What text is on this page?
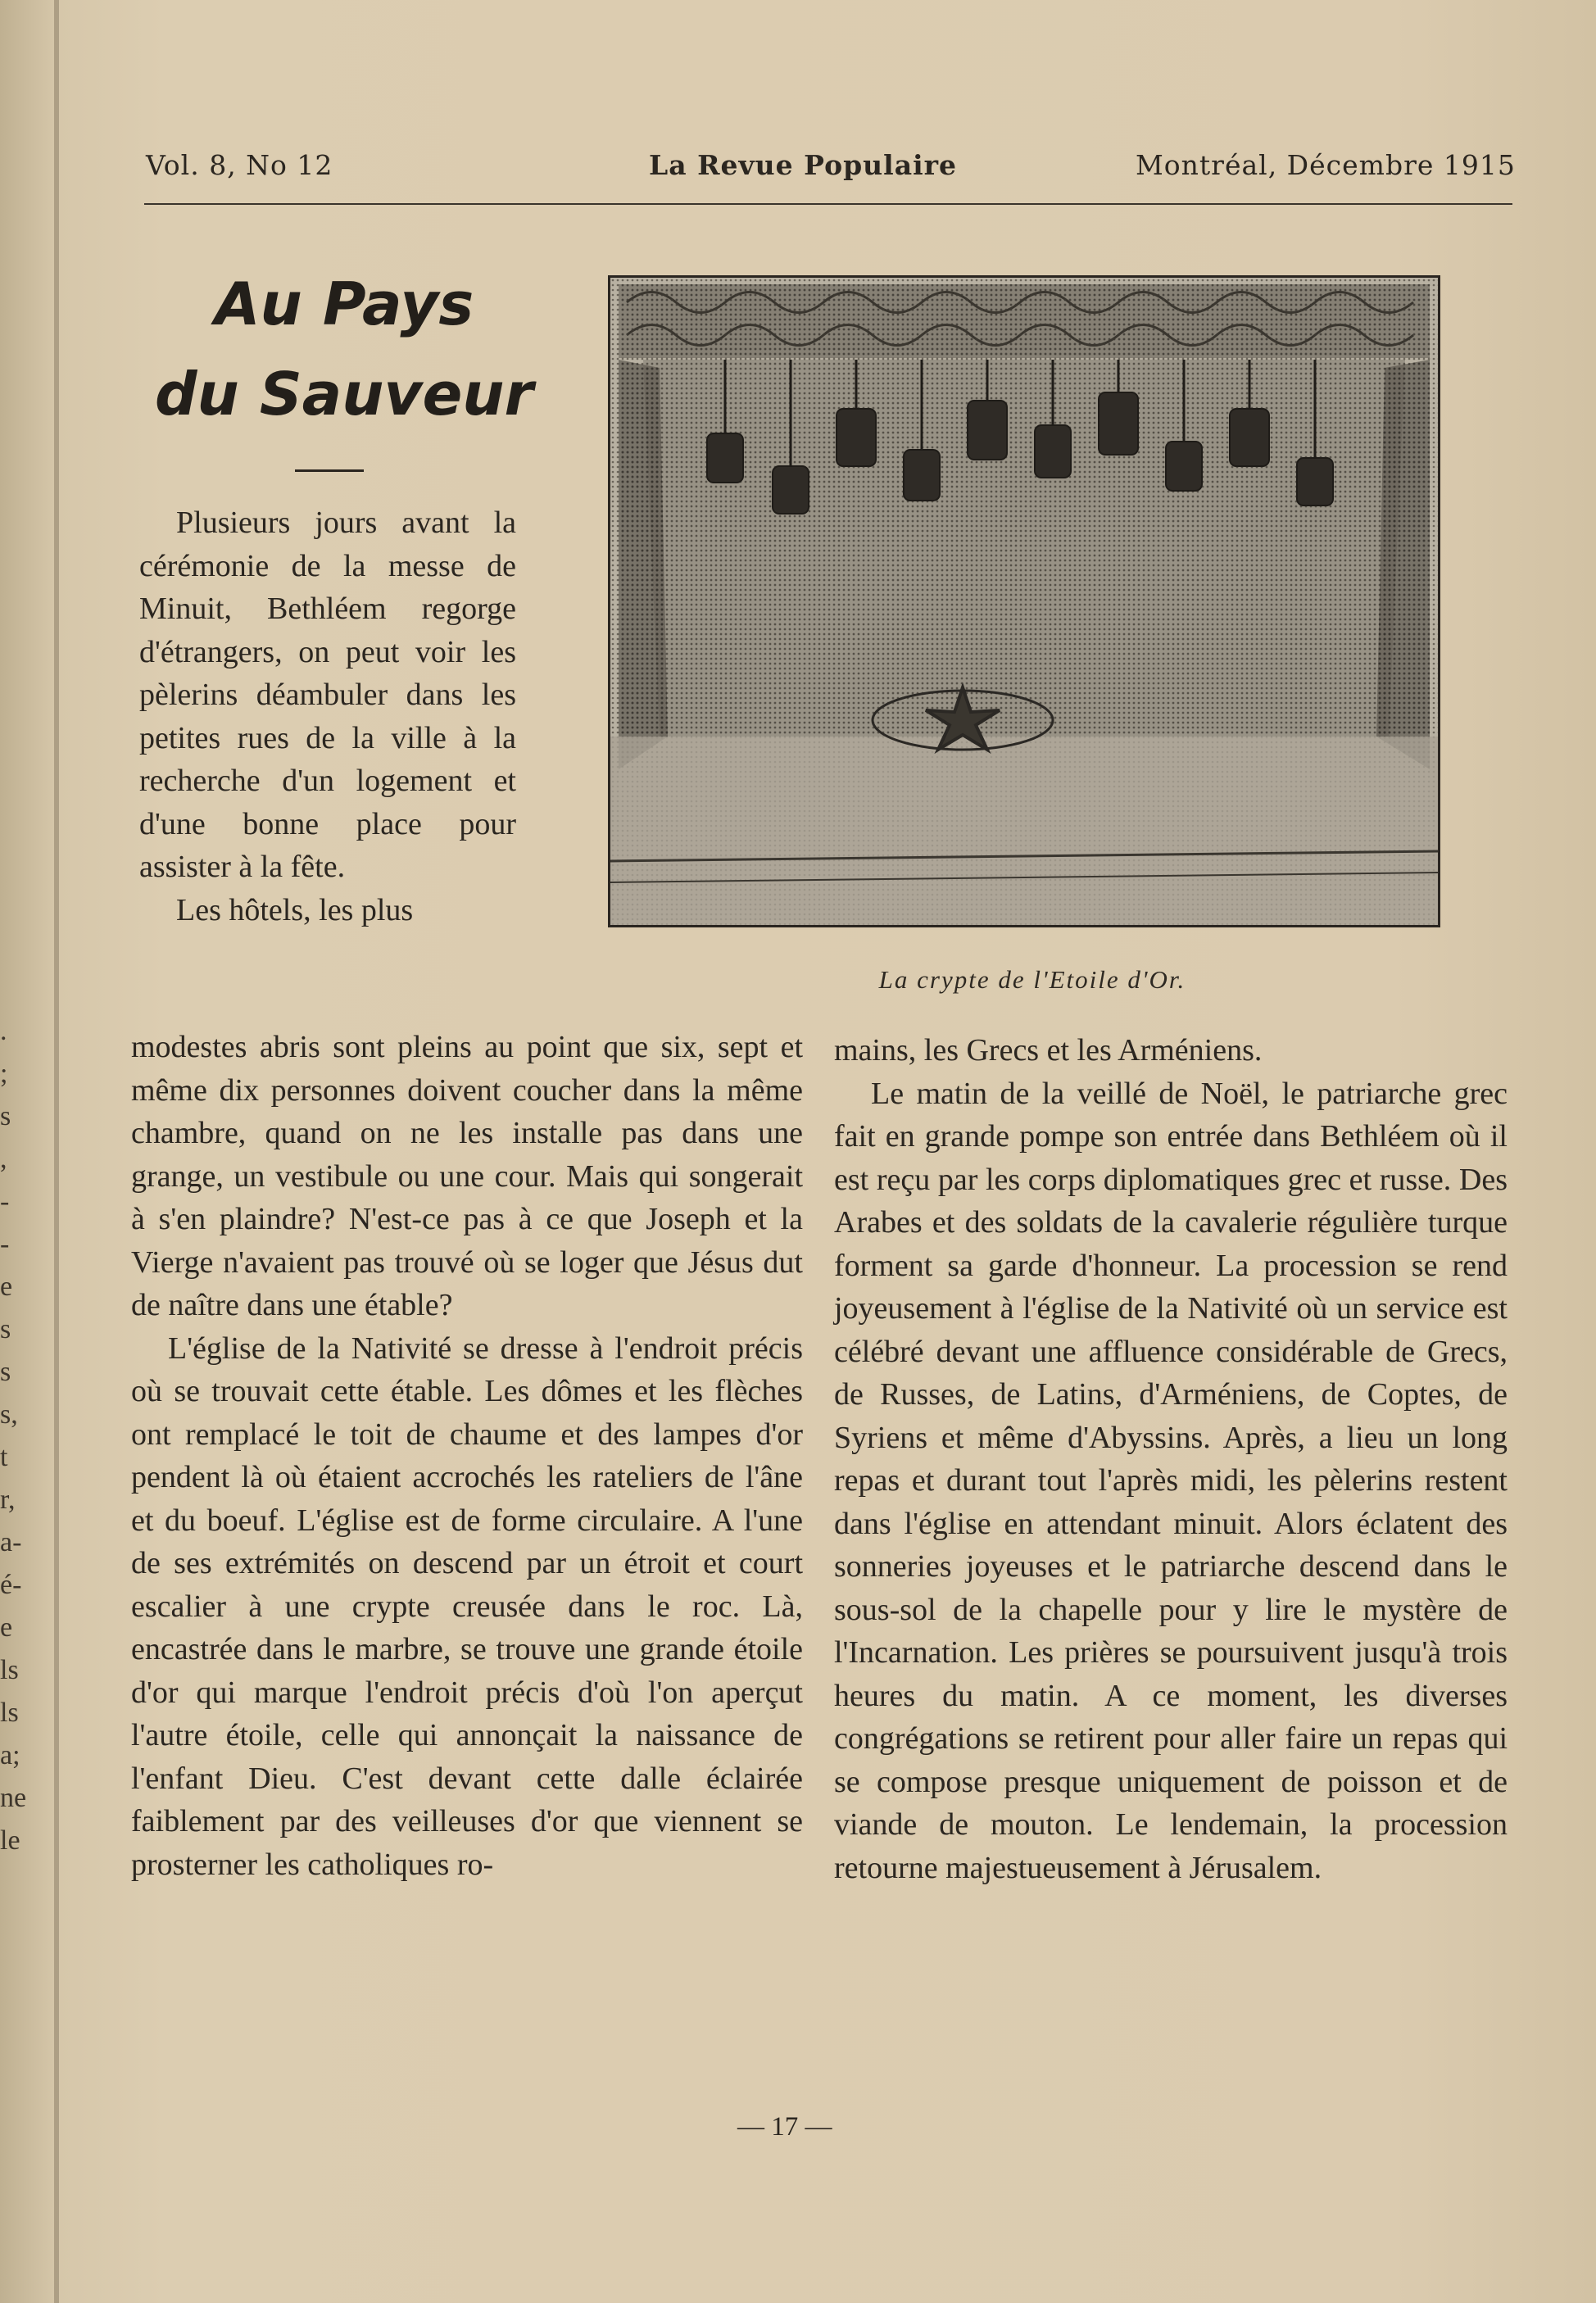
.
;
s
,
-
-
e
s
s
s,
t
r,
a-
é-
e
ls
ls
a;
ne
le
Vol. 8, No 12	La Revue Populaire	Montréal, Décembre 1915
Au Pays
du Sauveur
La crypte de l'Etoile d'Or.

Plusieurs jours avant la cérémonie de la messe de Minuit, Bethléem regorge d'étrangers, on peut voir les pèlerins déambuler dans les petites rues de la ville à la recherche d'un logement et d'une bonne place pour assister à la fête.

Les hôtels, les plus

modestes abris sont pleins au point que six, sept et même dix personnes doivent coucher dans la même chambre, quand on ne les installe pas dans une grange, un vestibule ou une cour. Mais qui songerait à s'en plaindre? N'est-ce pas à ce que Joseph et la Vierge n'avaient pas trouvé où se loger que Jésus dut de naître dans une étable?

L'église de la Nativité se dresse à l'endroit précis où se trouvait cette étable. Les dômes et les flèches ont remplacé le toit de chaume et des lampes d'or pendent là où étaient accrochés les rateliers de l'âne et du boeuf. L'église est de forme circulaire. A l'une de ses extrémités on descend par un étroit et court escalier à une crypte creusée dans le roc. Là, encastrée dans le marbre, se trouve une grande étoile d'or qui marque l'endroit précis d'où l'on aperçut l'autre étoile, celle qui annonçait la naissance de l'enfant Dieu. C'est devant cette dalle éclairée faiblement par des veilleuses d'or que viennent se prosterner les catholiques ro-

mains, les Grecs et les Arméniens.

Le matin de la veillé de Noël, le patriarche grec fait en grande pompe son entrée dans Bethléem où il est reçu par les corps diplomatiques grec et russe. Des Arabes et des soldats de la cavalerie régulière turque forment sa garde d'honneur. La procession se rend joyeusement à l'église de la Nativité où un service est célébré devant une affluence considérable de Grecs, de Russes, de Latins, d'Arméniens, de Coptes, de Syriens et même d'Abyssins. Après, a lieu un long repas et durant tout l'après midi, les pèlerins restent dans l'église en attendant minuit. Alors éclatent des sonneries joyeuses et le patriarche descend dans le sous-sol de la chapelle pour y lire le mystère de l'Incarnation. Les prières se poursuivent jusqu'à trois heures du matin. A ce moment, les diverses congrégations se retirent pour aller faire un repas qui se compose presque uniquement de poisson et de viande de mouton. Le lendemain, la procession retourne majestueusement à Jérusalem.

— 17 —
